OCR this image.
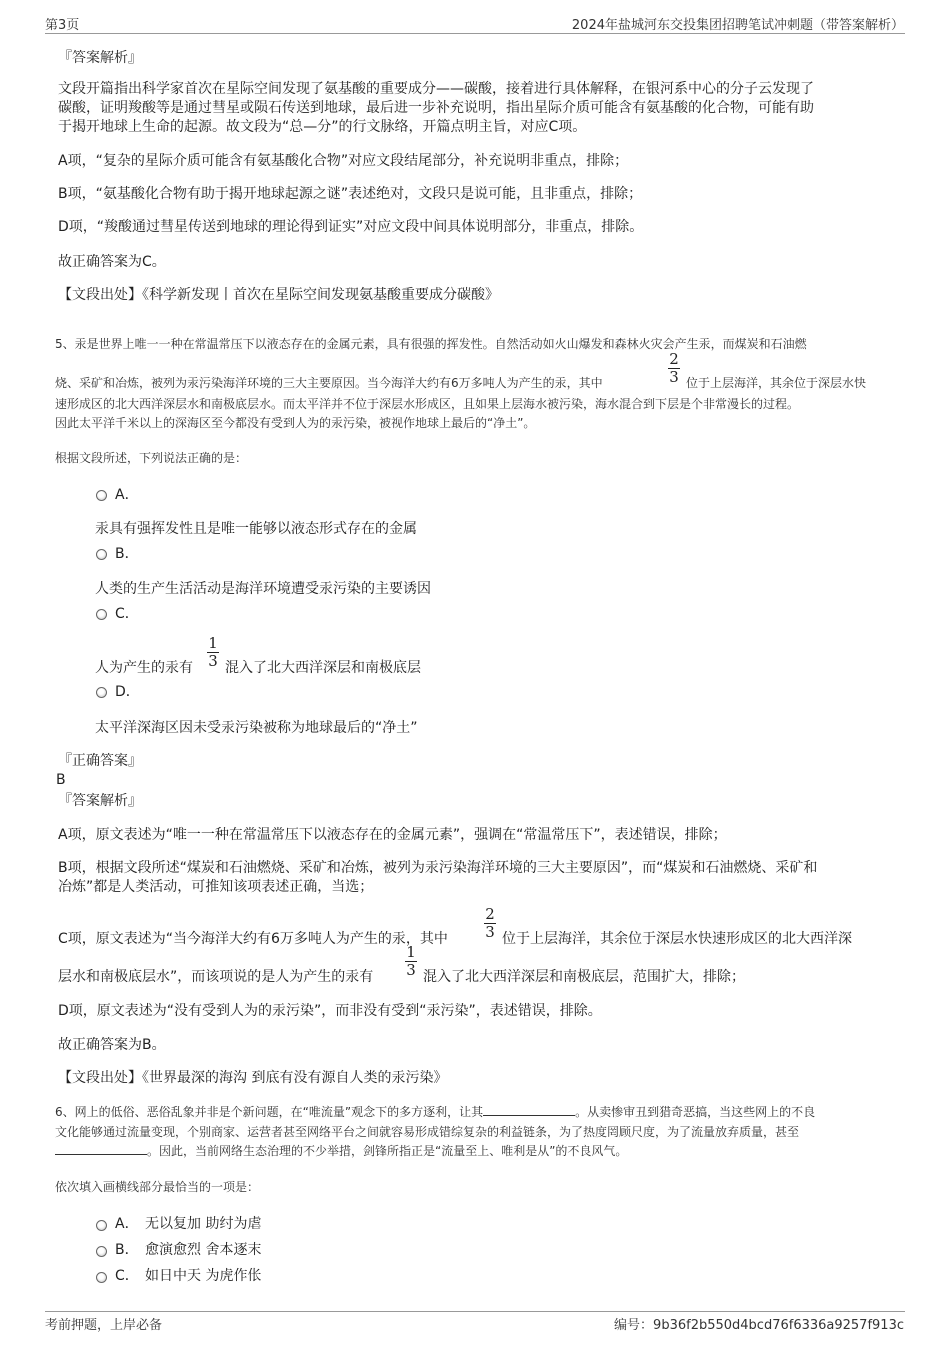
第3页	2024年盐城河东交投集团招聘笔试冲刺题（带答案解析）
『答案解析』
文段开篇指出科学家首次在星际空间发现了氨基酸的重要成分——碳酸，接着进行具体解释，在银河系中心的分子云发现了
碳酸，证明羧酸等是通过彗星或陨石传送到地球，最后进一步补充说明，指出星际介质可能含有氨基酸的化合物，可能有助
于揭开地球上生命的起源。故文段为“总—分”的行文脉络，开篇点明主旨，对应C项。
A项，“复杂的星际介质可能含有氨基酸化合物”对应文段结尾部分，补充说明非重点，排除；
B项，“氨基酸化合物有助于揭开地球起源之谜”表述绝对，文段只是说可能，且非重点，排除；
D项，“羧酸通过彗星传送到地球的理论得到证实”对应文段中间具体说明部分，非重点，排除。
故正确答案为C。
【文段出处】《科学新发现丨首次在星际空间发现氨基酸重要成分碳酸》
5、汞是世界上唯一一种在常温常压下以液态存在的金属元素，具有很强的挥发性。自然活动如火山爆发和森林火灾会产生汞，而煤炭和石油燃
烧、采矿和冶炼，被列为汞污染海洋环境的三大主要原因。当今海洋大约有6万多吨人为产生的汞，其中
2
3 位于上层海洋，其余位于深层水快
速形成区的北大西洋深层水和南极底层水。而太平洋并不位于深层水形成区，且如果上层海水被污染，海水混合到下层是个非常漫长的过程。
因此太平洋千米以上的深海区至今都没有受到人为的汞污染，被视作地球上最后的“净土”。
根据文段所述，下列说法正确的是：
A．
汞具有强挥发性且是唯一能够以液态形式存在的金属
B．
人类的生产生活活动是海洋环境遭受汞污染的主要诱因
C．
人为产生的汞有
1
3 混入了北大西洋深层和南极底层
D．
太平洋深海区因未受汞污染被称为地球最后的“净土”
『正确答案』
B
『答案解析』
A项，原文表述为“唯一一种在常温常压下以液态存在的金属元素”，强调在“常温常压下”，表述错误，排除；
B项，根据文段所述“煤炭和石油燃烧、采矿和冶炼，被列为汞污染海洋环境的三大主要原因”，而“煤炭和石油燃烧、采矿和
冶炼”都是人类活动，可推知该项表述正确，当选；
C项，原文表述为“当今海洋大约有6万多吨人为产生的汞，其中
2
3 位于上层海洋，其余位于深层水快速形成区的北大西洋深
层水和南极底层水”，而该项说的是人为产生的汞有
1
3 混入了北大西洋深层和南极底层，范围扩大，排除；
D项，原文表述为“没有受到人为的汞污染”，而非没有受到“汞污染”，表述错误，排除。
故正确答案为B。
【文段出处】《世界最深的海沟 到底有没有源自人类的汞污染》
6、网上的低俗、恶俗乱象并非是个新问题，在“唯流量”观念下的多方逐利，让其	。从卖惨审丑到猎奇恶搞，当这些网上的不良
文化能够通过流量变现，个别商家、运营者甚至网络平台之间就容易形成错综复杂的利益链条，为了热度罔顾尺度，为了流量放弃质量，甚至
。因此，当前网络生态治理的不少举措，剑锋所指正是“流量至上、唯利是从”的不良风气。
依次填入画横线部分最恰当的一项是：
A． 无以复加 助纣为虐
B． 愈演愈烈 舍本逐末
C． 如日中天 为虎作伥
考前押题，上岸必备	编号：9b36f2b550d4bcd76f6336a9257f913c
